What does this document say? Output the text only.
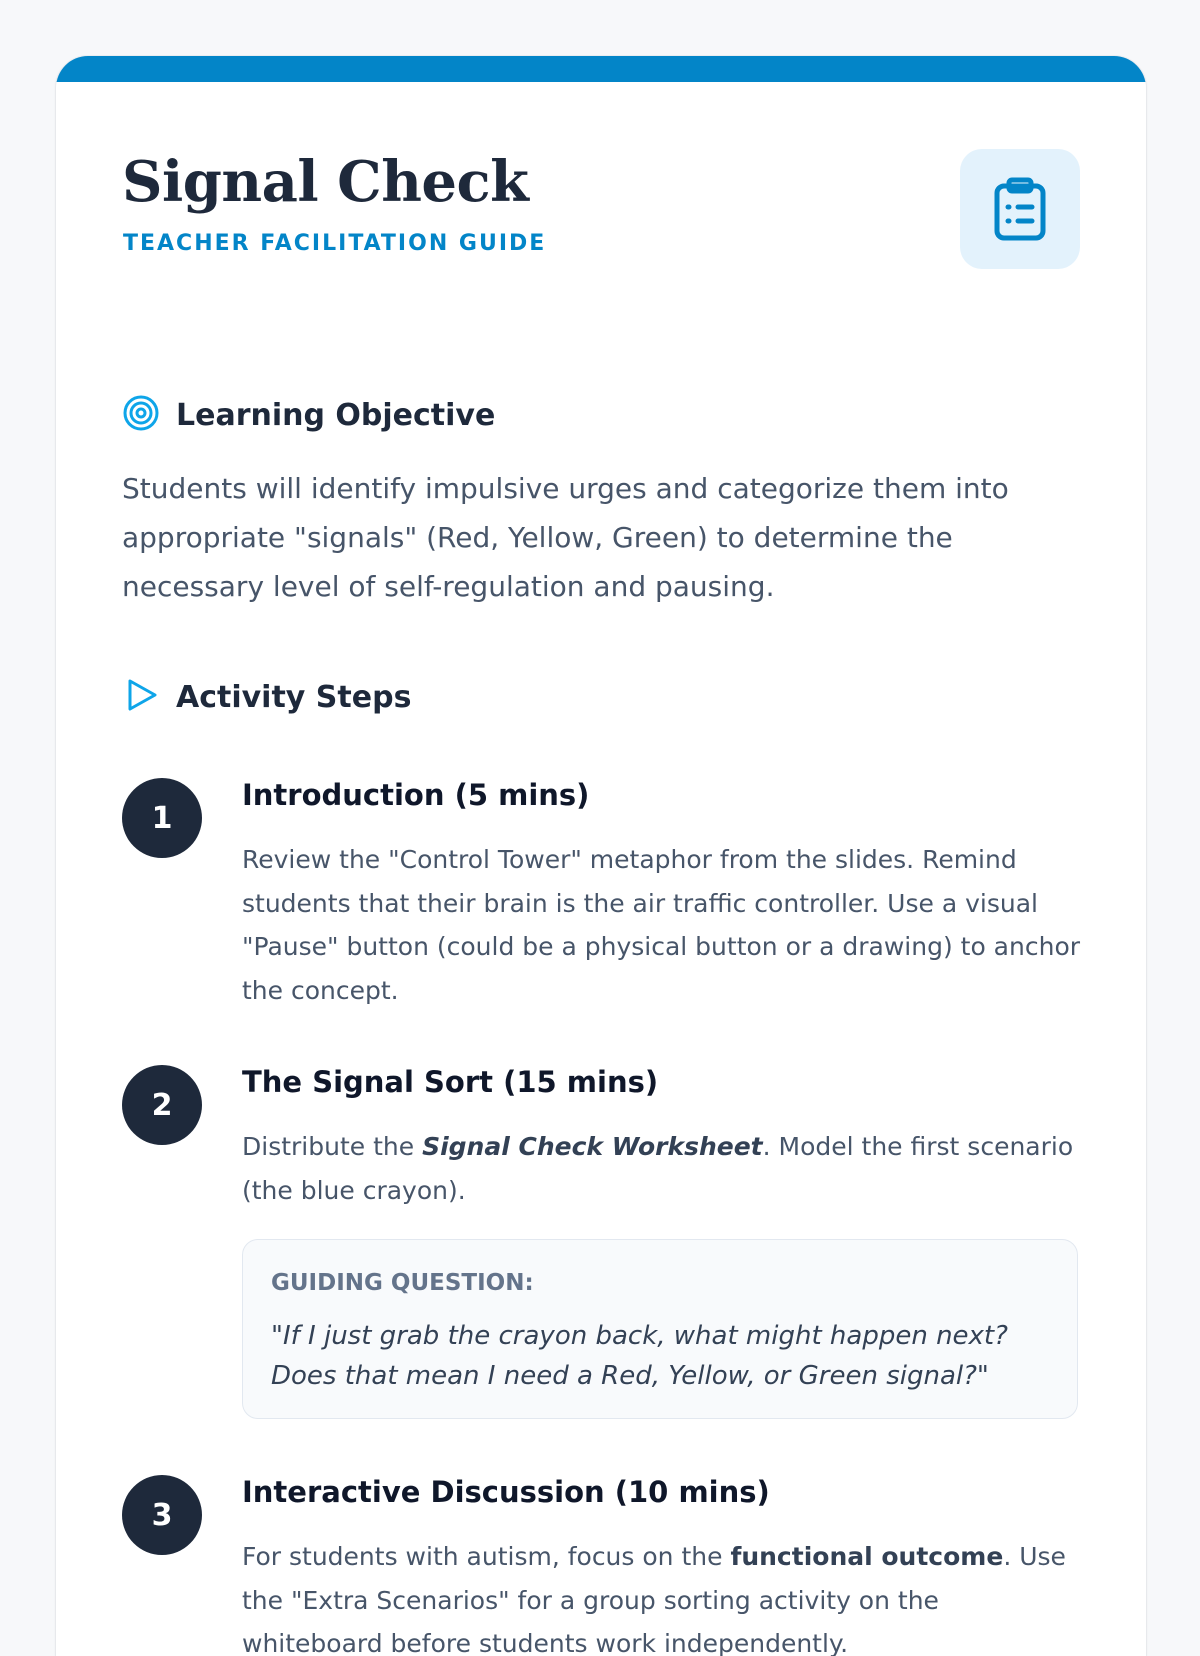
Signal Check
TEACHER FACILITATION GUIDE
Learning Objective

Students will identify impulsive urges and categorize them into appropriate "signals" (Red, Yellow, Green) to determine the necessary level of self-regulation and pausing.

Activity Steps
1
Introduction (5 mins)

Review the "Control Tower" metaphor from the slides. Remind students that their brain is the air traffic controller. Use a visual "Pause" button (could be a physical button or a drawing) to anchor the concept.

2
The Signal Sort (15 mins)

Distribute the Signal Check Worksheet. Model the first scenario (the blue crayon).

GUIDING QUESTION:

"If I just grab the crayon back, what might happen next? Does that mean I need a Red, Yellow, or Green signal?"

3
Interactive Discussion (10 mins)

For students with autism, focus on the functional outcome. Use the "Extra Scenarios" for a group sorting activity on the whiteboard before students work independently.
